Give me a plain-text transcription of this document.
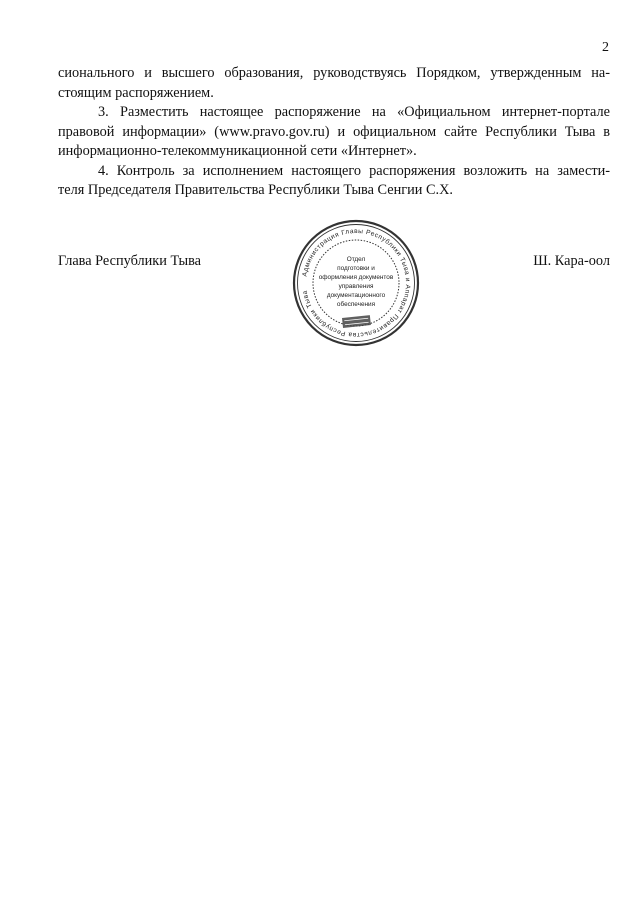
2
сионального и высшего образования, руководствуясь Порядком, утвержденным на-
стоящим распоряжением.
3. Разместить настоящее распоряжение на «Официальном интернет-портале
правовой информации» (www.pravo.gov.ru) и официальном сайте Республики Тыва в
информационно-телекоммуникационной сети «Интернет».
4. Контроль за исполнением настоящего распоряжения возложить на замести-
теля Председателя Правительства Республики Тыва Сенгии С.Х.
Глава Республики Тыва	Ш. Кара-оол
Администрация Главы Республики Тыва и Аппарат Правительства Республики Тыва
Отдел
подготовки и
оформления документов
управления
документационного
обеспечения
